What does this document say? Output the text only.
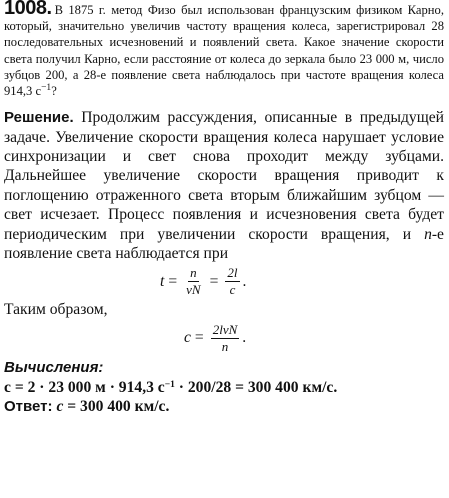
1008. В 1875 г. метод Физо был использован французским физиком Карно, который, значительно увеличив частоту вращения колеса, зарегистрировал 28 последовательных исчезновений и появлений света. Какое значение скорости света получил Карно, если расстояние от колеса до зеркала было 23 000 м, число зубцов 200, а 28-е появление света наблюдалось при частоте вращения колеса 914,3 $с^{-1}$?

Решение. Продолжим рассуждения, описанные в предыдущей задаче. Увеличение скорости вращения колеса нарушает условие синхронизации и свет снова проходит между зубцами. Дальнейшее увеличение скорости вращения приводит к поглощению отраженного света вторым ближайшим зубцом — свет исчезает. Процесс появления и исчезновения света будет периодическим при увеличении скорости вращения, и n-е появление света наблюдается при

$t = \frac{n}{\nu N} = \frac{2l}{c}$ .

Таким образом,

$c = \frac{\text{2lνN}}{n}$ .

Вычисления:

c = 2 · 23 000 м · 914,3 $с^{-1} \cdot 200/28 = 300$ 400 км/с.

Ответ: c = 300 400 км/с.
